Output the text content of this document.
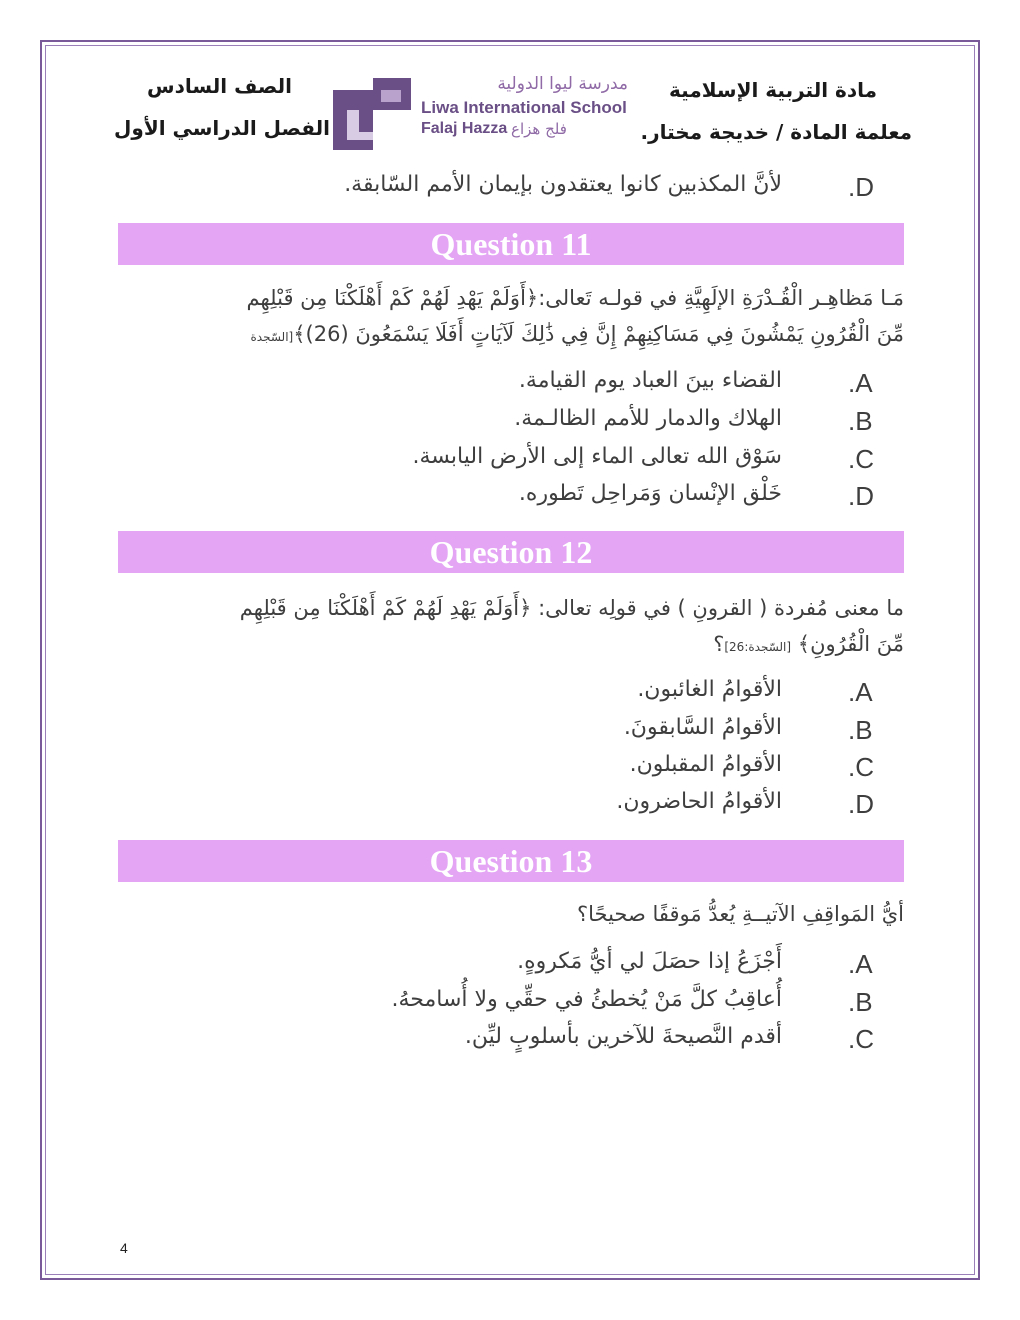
الصف السادس
الفصل الدراسي الأول
مادة التربية الإسلامية
معلمة المادة / خديجة مختار.
مدرسة ليوا الدولية
Liwa International School
Falaj Hazza فلج هزاع
.D
لأنَّ المكذبين كانوا يعتقدون بإيمان الأمم السّابقة.
Question 11
مَـا مَظاهِـر الْقُـدْرَةِ الإلَهِيَّةِ في قولـه تَعالى:﴿أَوَلَمْ يَهْدِ لَهُمْ كَمْ أَهْلَكْنَا مِن قَبْلِهِم
مِّنَ الْقُرُونِ يَمْشُونَ فِي مَسَاكِنِهِمْ إِنَّ فِي ذَٰلِكَ لَآيَاتٍ أَفَلَا يَسْمَعُونَ (26)﴾[السّجدة
.A
القضاء بينَ العباد يوم القيامة.
.B
الهلاك والدمار للأمم الظالـمة.
.C
سَوْق الله تعالى الماء إلى الأرض اليابسة.
.D
خَلْق الإنْسان وَمَراحِل تَطوره.
Question 12
ما معنى مُفردة ( القرونِ ) في قولِه تعالى: ﴿أَوَلَمْ يَهْدِ لَهُمْ كَمْ أَهْلَكْنَا مِن قَبْلِهِم
مِّنَ الْقُرُونِ﴾ [السّجدة:26]؟
.A
الأقوامُ الغائبون.
.B
الأقوامُ السَّابقونَ.
.C
الأقوامُ المقبلون.
.D
الأقوامُ الحاضرون.
Question 13
أيُّ المَواقِفِ الآتيــةِ يُعدُّ مَوقفًا صحيحًا؟
.A
أَجْزَعُ إذا حصَلَ لي أيُّ مَكروهٍ.
.B
أُعاقِبُ كلَّ مَنْ يُخطئُ في حقِّي ولا أُسامحهُ.
.C
أقدم النَّصيحةَ للآخرين بأسلوبٍ ليِّن.
4
